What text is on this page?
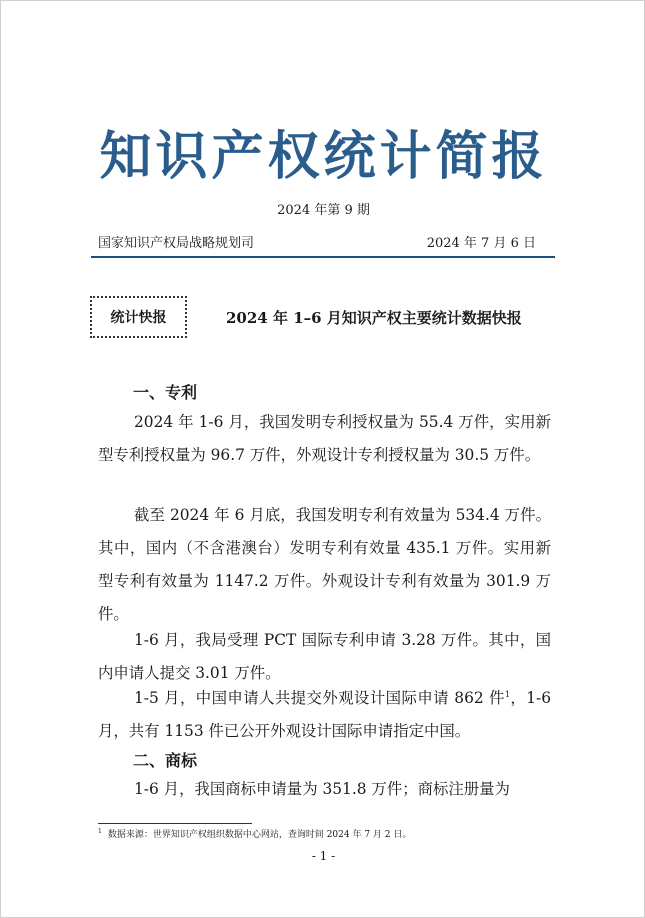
知识产权统计简报
2024 年第 9 期
国家知识产权局战略规划司	2024 年 7 月 6 日
统计快报	2024 年 1–6 月知识产权主要统计数据快报
一、专利
2024 年 1-6 月，我国发明专利授权量为 55.4 万件，实用新型专利授权量为 96.7 万件，外观设计专利授权量为 30.5 万件。
截至 2024 年 6 月底，我国发明专利有效量为 534.4 万件。其中，国内（不含港澳台）发明专利有效量 435.1 万件。实用新型专利有效量为 1147.2 万件。外观设计专利有效量为 301.9 万件。
1-6 月，我局受理 PCT 国际专利申请 3.28 万件。其中，国内申请人提交 3.01 万件。
1-5 月，中国申请人共提交外观设计国际申请 862 件$^1$，1-6 月，共有 1153 件已公开外观设计国际申请指定中国。
二、商标
1-6 月，我国商标申请量为 351.8 万件；商标注册量为
$^1$ 数据来源：世界知识产权组织数据中心网站，查询时间 2024 年 7 月 2 日。
- 1 -
